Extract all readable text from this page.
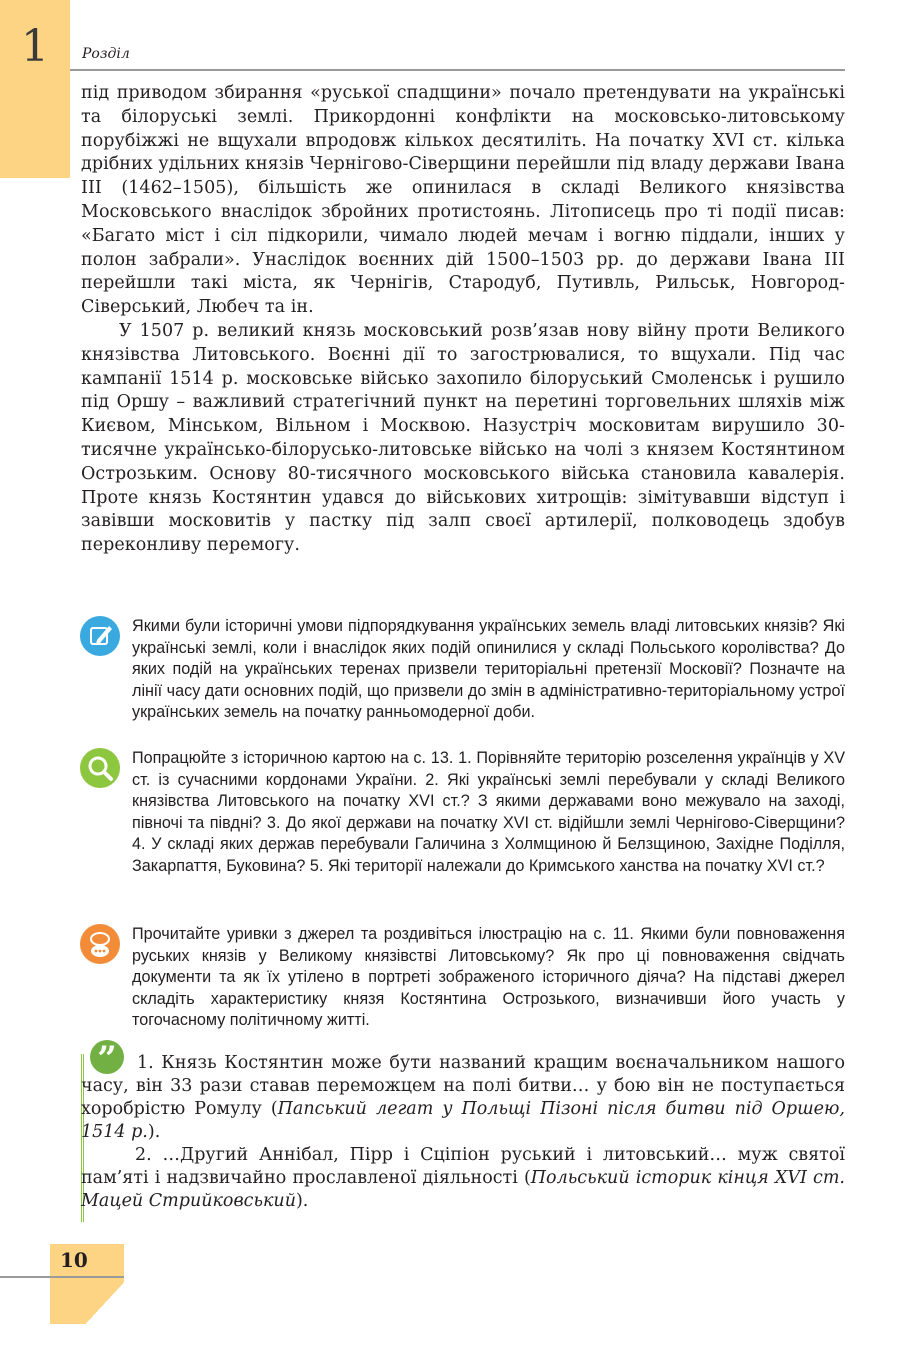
1	Розділ

під приводом збирання «руської спадщини» почало претендувати на українські та білоруські землі. Прикордонні конфлікти на московсько-литовському порубіжжі не вщухали впродовж кількох десятиліть. На початку XVI ст. кілька дрібних удільних князів Чернігово-Сіверщини перейшли під владу держави Івана ІІІ (1462–1505), більшість же опинилася в складі Великого князівства Московського внаслідок збройних протистоянь. Літописець про ті події писав: «Багато міст і сіл підкорили, чимало людей мечам і вогню піддали, інших у полон забрали». Унаслідок воєнних дій 1500–1503 рр. до держави Івана ІІІ перейшли такі міста, як Чернігів, Стародуб, Путивль, Рильськ, Новгород-Сіверський, Любеч та ін.

У 1507 р. великий князь московський розв’язав нову війну проти Великого князівства Литовського. Воєнні дії то загострювалися, то вщухали. Під час кампанії 1514 р. московське військо захопило білоруський Смоленськ і рушило під Оршу – важливий стратегічний пункт на перетині торговельних шляхів між Києвом, Мінськом, Вільном і Москвою. Назустріч московитам вирушило 30-тисячне українсько-білорусько-литовське військо на чолі з князем Костянтином Острозьким. Основу 80-тисячного московського війська становила кавалерія. Проте князь Костянтин удався до військових хитрощів: зімітувавши відступ і завівши московитів у пастку під залп своєї артилерії, полководець здобув переконливу перемогу.

Якими були історичні умови підпорядкування українських земель владі литовських князів? Які українські землі, коли і внаслідок яких подій опинилися у складі Польського королівства? До яких подій на українських теренах призвели територіальні претензії Московії? Позначте на лінії часу дати основних подій, що призвели до змін в адміністративно-територіальному устрої українських земель на початку ранньомодерної доби.
Попрацюйте з історичною картою на с. 13. 1. Порівняйте територію розселення українців у XV ст. із сучасними кордонами України. 2. Які українські землі перебували у складі Великого князівства Литовського на початку XVI ст.? З якими державами воно межувало на заході, півночі та півдні? 3. До якої держави на початку XVI ст. відійшли землі Чернігово-Сіверщини? 4. У складі яких держав перебували Галичина з Холмщиною й Белзщиною, Західне Поділля, Закарпаття, Буковина? 5. Які території належали до Кримського ханства на початку XVI ст.?
Прочитайте уривки з джерел та роздивіться ілюстрацію на с. 11. Якими були повноваження руських князів у Великому князівстві Литовському? Як про ці повноваження свідчать документи та як їх утілено в портреті зображеного історичного діяча? На підставі джерел складіть характеристику князя Костянтина Острозького, визначивши його участь у тогочасному політичному житті.
”	1. Князь Костянтин може бути названий кращим воєначальником нашого часу, він 33 рази ставав переможцем на полі битви… у бою він не поступається хоробрістю Ромулу (Папський легат у Польщі Пізоні після битви під Оршею, 1514 р.).

2. …Другий Аннібал, Пірр і Сціпіон руський і литовський… муж святої пам’яті і надзвичайно прославленої діяльності (Польський історик кінця XVI ст. Мацей Стрийковський).

10
